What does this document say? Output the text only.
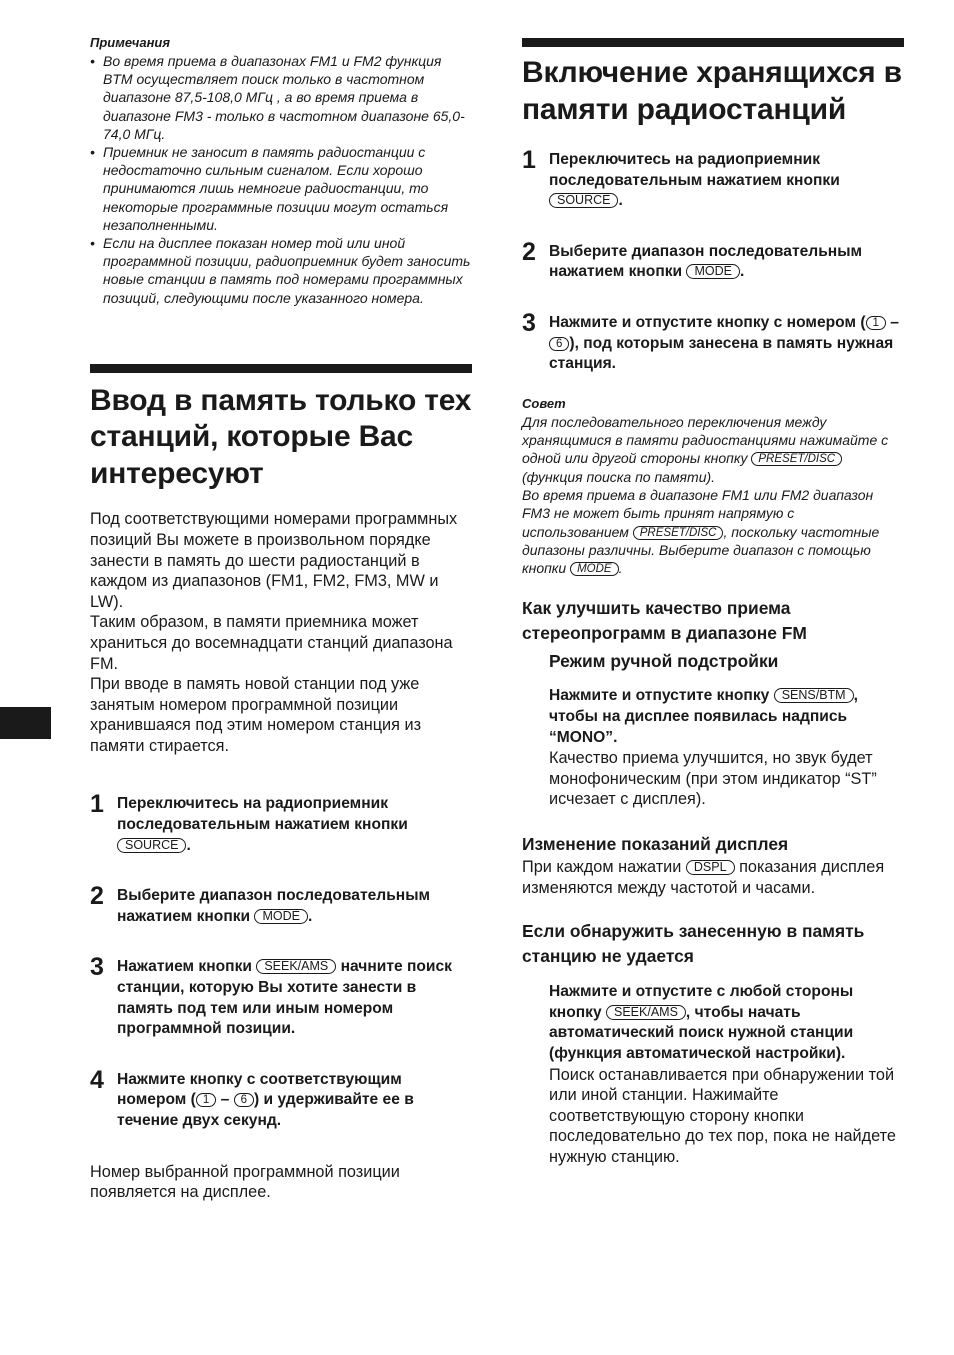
Примечания
• Во время приема в диапазонах FM1 и FM2 функция BTM осуществляет поиск только в частотном диапазоне 87,5-108,0 МГц , а во время приема в диапазоне FM3 - только в частотном диапазоне 65,0-74,0 МГц.
• Приемник не заносит в память радиостанции с недостаточно сильным сигналом. Если хорошо принимаются лишь немногие радиостанции, то некоторые программные позиции могут остаться незаполненными.
• Если на дисплее показан номер той или иной программной позиции, радиоприемник будет заносить новые станции в память под номерами программных позиций, следующими после указанного номера.
Ввод в память только тех станций, которые Вас интересуют

Под соответствующими номерами программных позиций Вы можете в произвольном порядке занести в память до шести радиостанций в каждом из диапазонов (FM1, FM2, FM3, MW и LW).

Таким образом, в памяти приемника может храниться до восемнадцати станций диапазона FM.

При вводе в память новой станции под уже занятым номером программной позиции хранившаяся под этим номером станция из памяти стирается.

1 Переключитесь на радиоприемник последовательным нажатием кнопки SOURCE .
2 Выберите диапазон последовательным нажатием кнопки MODE .
3 Нажатием кнопки SEEK/AMS начните поиск станции, которую Вы хотите занести в память под тем или иным номером программной позиции.
4 Нажмите кнопку с соответствующим номером ( 1 – 6 ) и удерживайте ее в течение двух секунд.
Номер выбранной программной позиции появляется на дисплее.
Включение хранящихся в памяти радиостанций
1 Переключитесь на радиоприемник последовательным нажатием кнопки SOURCE .
2 Выберите диапазон последовательным нажатием кнопки MODE .
3 Нажмите и отпустите кнопку с номером ( 1 – 6 ), под которым занесена в память нужная станция.
Совет

Для последовательного переключения между хранящимися в памяти радиостанциями нажимайте с одной или другой стороны кнопку PRESET/DISC (функция поиска по памяти).

Во время приема в диапазоне FM1 или FM2 диапазон FM3 не может быть принят напрямую с использованием PRESET/DISC , поскольку частотные дипазоны различны. Выберите диапазон с помощью кнопки MODE .

Как улучшить качество приема стереопрограмм в диапазоне FM
Режим ручной подстройки
Нажмите и отпустите кнопку SENS/BTM , чтобы на дисплее появилась надпись “MONO”.
Качество приема улучшится, но звук будет монофоническим (при этом индикатор “ST” исчезает с дисплея).
Изменение показаний дисплея
При каждом нажатии DSPL показания дисплея изменяются между частотой и часами.
Если обнаружить занесенную в память станцию не удается
Нажмите и отпустите с любой стороны кнопку SEEK/AMS , чтобы начать автоматический поиск нужной станции (функция автоматической настройки).
Поиск останавливается при обнаружении той или иной станции. Нажимайте соответствующую сторону кнопки последовательно до тех пор, пока не найдете нужную станцию.
